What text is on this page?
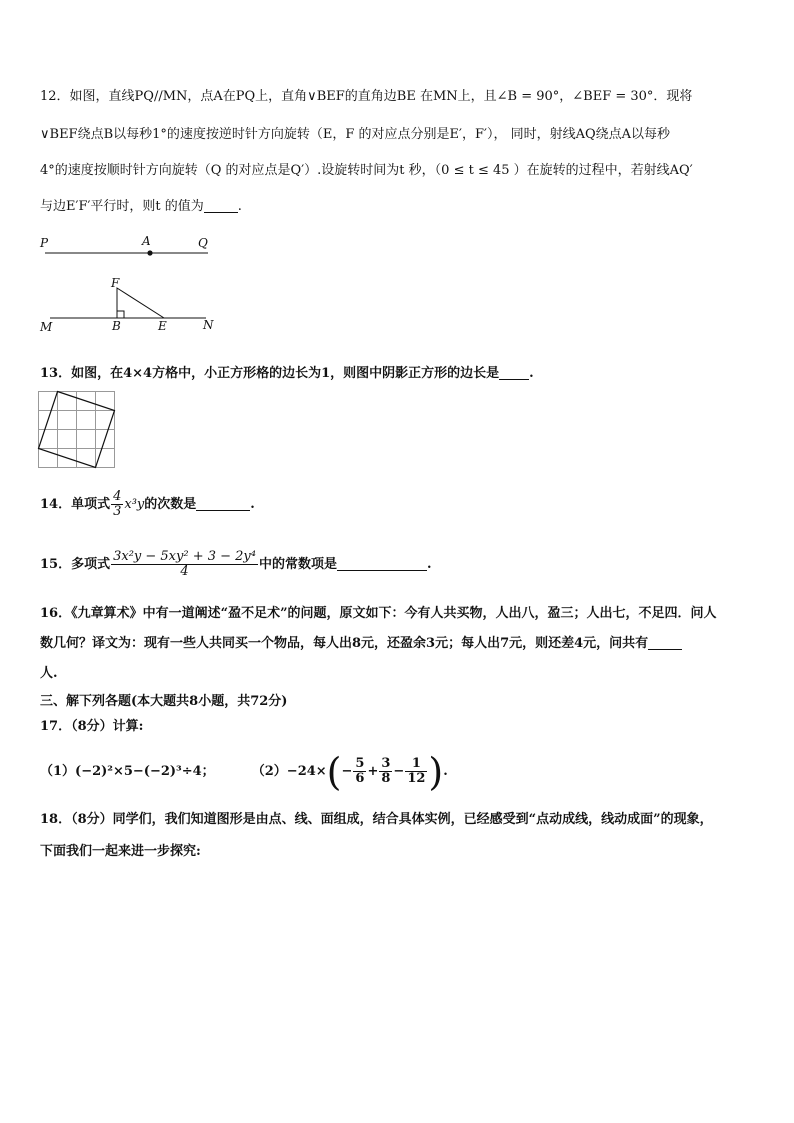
12．如图，直线PQ//MN，点A在PQ上，直角∨BEF的直角边BE 在MN上，且∠B = 90°，∠BEF = 30°．现将
∨BEF绕点B以每秒1°的速度按逆时针方向旋转（E，F 的对应点分别是E′，F′）， 同时，射线AQ绕点A以每秒
4°的速度按顺时针方向旋转（Q 的对应点是Q′）.设旋转时间为t 秒，（0 ≤ t ≤ 45 ）在旋转的过程中，若射线AQ′
与边E′F′平行时，则t 的值为	.
P	A	Q
F
M	B	E	N
13．如图，在4×4方格中，小正方形格的边长为1，则图中阴影正方形的边长是 .
14．单项式 $\frac{4}{3} x^3y$的次数是	.
15．多项式 $\frac{\text{3x²y − 5xy² + 3 − 2y⁴}}{4}$ 中的常数项是	.
16．《九章算术》中有一道阐述“盈不足术”的问题，原文如下：今有人共买物，人出八，盈三；人出七，不足四．问人
数几何？译文为：现有一些人共同买一个物品，每人出8元，还盈余3元；每人出7元，则还差4元，问共有
人.
三、解下列各题(本大题共8小题，共72分)
17．（8分）计算:
（1）(−2)²×5−(−2)³÷4；	$(2)-24\times(- \frac{5}{6} + \frac{3}{8} - \frac{1}{12}$ ).
18．（8分）同学们，我们知道图形是由点、线、面组成，结合具体实例，已经感受到“点动成线，线动成面”的现象，
下面我们一起来进一步探究:
